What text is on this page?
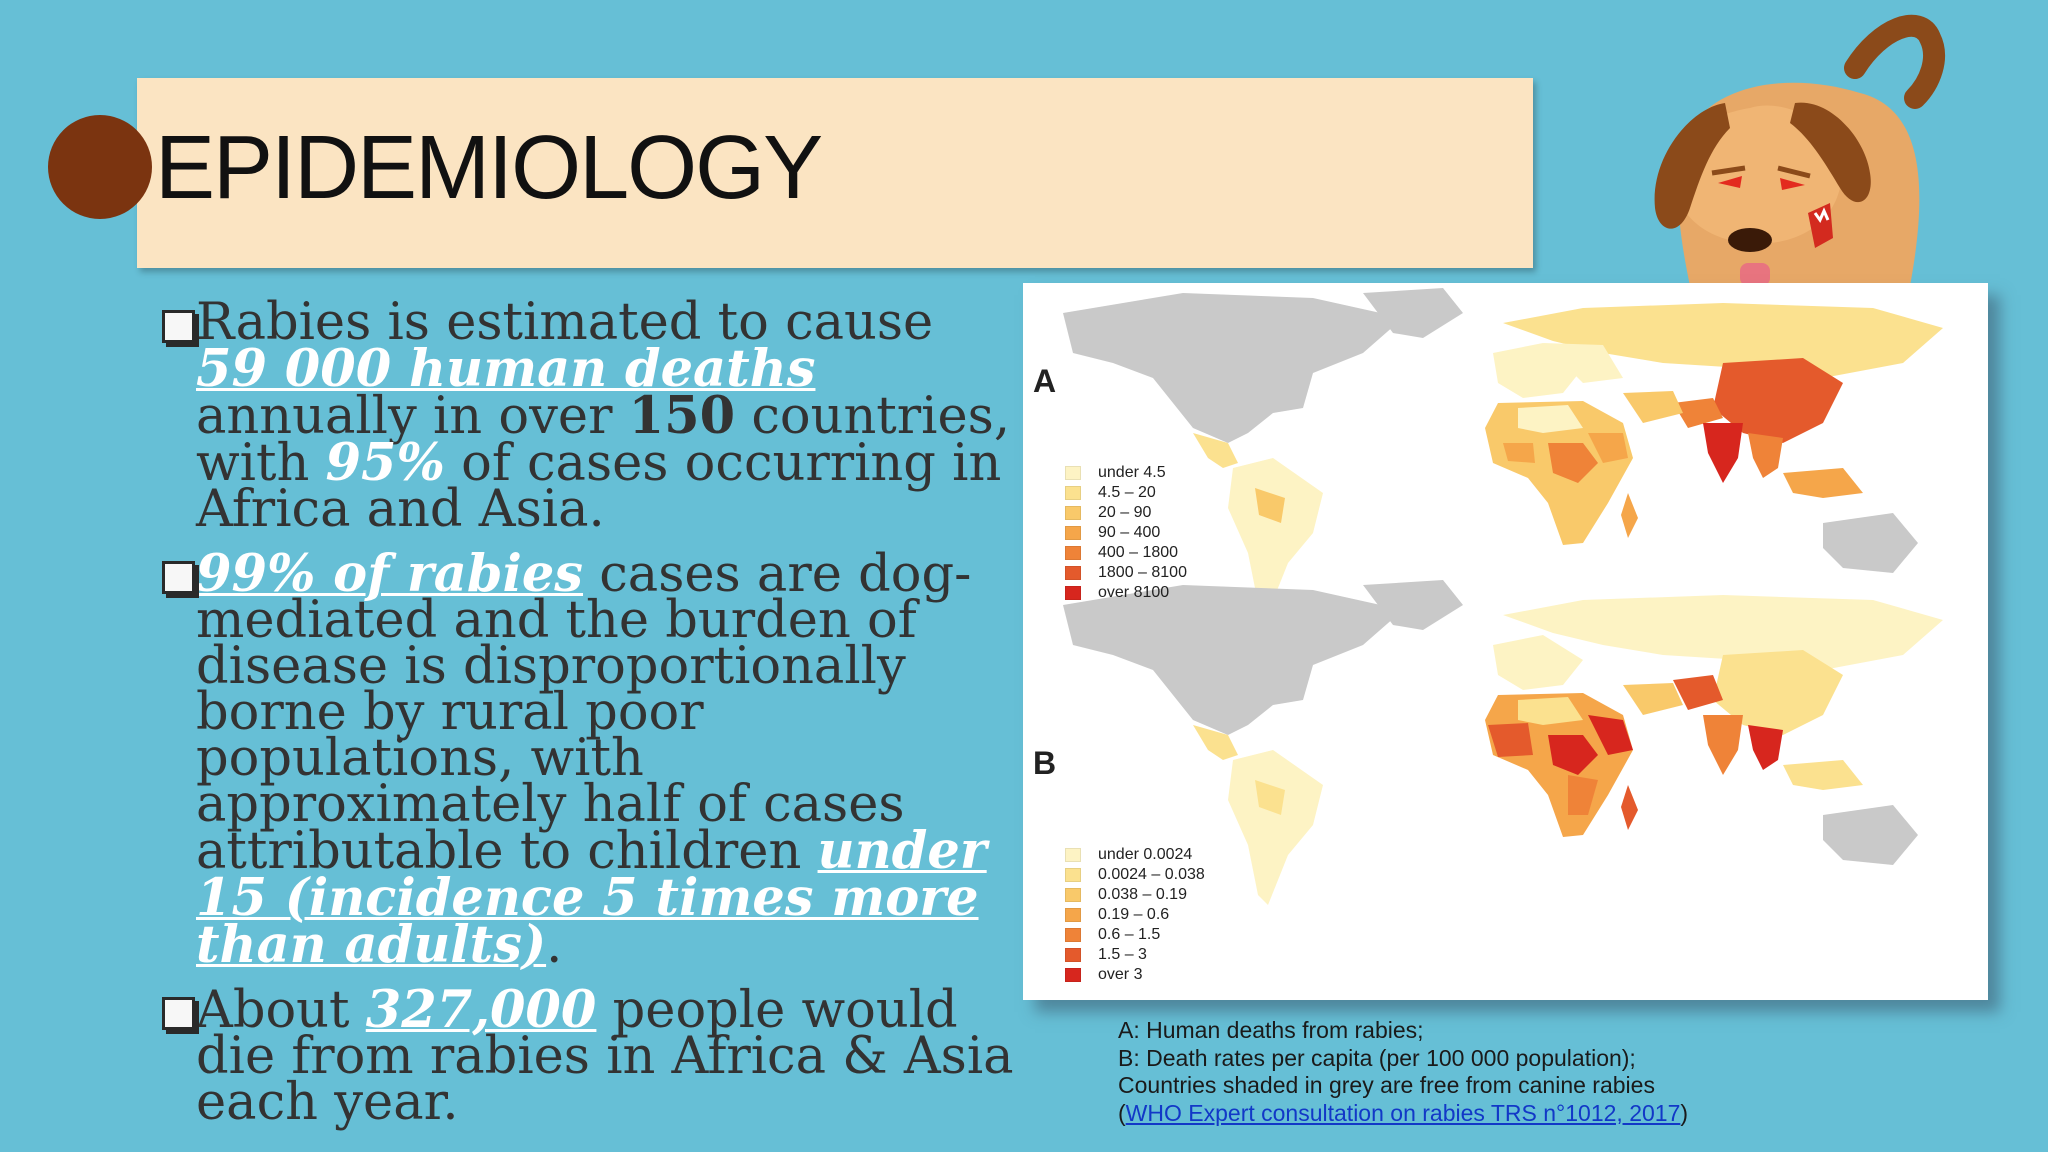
EPIDEMIOLOGY
Rabies is estimated to cause 59 000 human deaths annually in over 150 countries, with 95% of cases occurring in Africa and Asia.
99% of rabies cases are dog-mediated and the burden of disease is disproportionally borne by rural poor populations, with approximately half of cases attributable to children under 15 (incidence 5 times more than adults).
About 327,000 people would die from rabies in Africa & Asia each year.
A
B
under 4.5
4.5 – 20
20 – 90
90 – 400
400 – 1800
1800 – 8100
over 8100
under 0.0024
0.0024 – 0.038
0.038 – 0.19
0.19 – 0.6
0.6 – 1.5
1.5 – 3
over 3
A: Human deaths from rabies;
B: Death rates per capita (per 100 000 population);
Countries shaded in grey are free from canine rabies
(WHO Expert consultation on rabies TRS n°1012, 2017)
